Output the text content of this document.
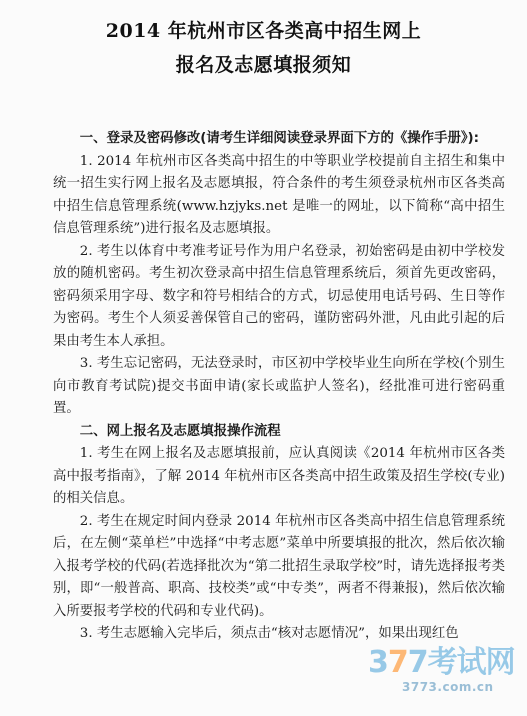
2014 年杭州市区各类高中招生网上
报名及志愿填报须知

一、登录及密码修改(请考生详细阅读登录界面下方的《操作手册》):

1. 2014 年杭州市区各类高中招生的中等职业学校提前自主招生和集中统一招生实行网上报名及志愿填报，符合条件的考生须登录杭州市区各类高中招生信息管理系统(www.hzjyks.net 是唯一的网址，以下简称“高中招生信息管理系统”)进行报名及志愿填报。

2. 考生以体育中考准考证号作为用户名登录，初始密码是由初中学校发放的随机密码。考生初次登录高中招生信息管理系统后，须首先更改密码，密码须采用字母、数字和符号相结合的方式，切忌使用电话号码、生日等作为密码。考生个人须妥善保管自己的密码，谨防密码外泄，凡由此引起的后果由考生本人承担。

3. 考生忘记密码，无法登录时，市区初中学校毕业生向所在学校(个别生向市教育考试院)提交书面申请(家长或监护人签名)，经批准可进行密码重置。

二、网上报名及志愿填报操作流程

1. 考生在网上报名及志愿填报前，应认真阅读《2014 年杭州市区各类高中报考指南》，了解 2014 年杭州市区各类高中招生政策及招生学校(专业)的相关信息。

2. 考生在规定时间内登录 2014 年杭州市区各类高中招生信息管理系统后，在左侧“菜单栏”中选择“中考志愿”菜单中所要填报的批次，然后依次输入报考学校的代码(若选择批次为“第二批招生录取学校”时，请先选择报考类别，即“一般普高、职高、技校类”或“中专类”，两者不得兼报)，然后依次输入所要报考学校的代码和专业代码)。

3. 考生志愿输入完毕后，须点击“核对志愿情况”，如果出现红色

377考试网
3773.com.cn
